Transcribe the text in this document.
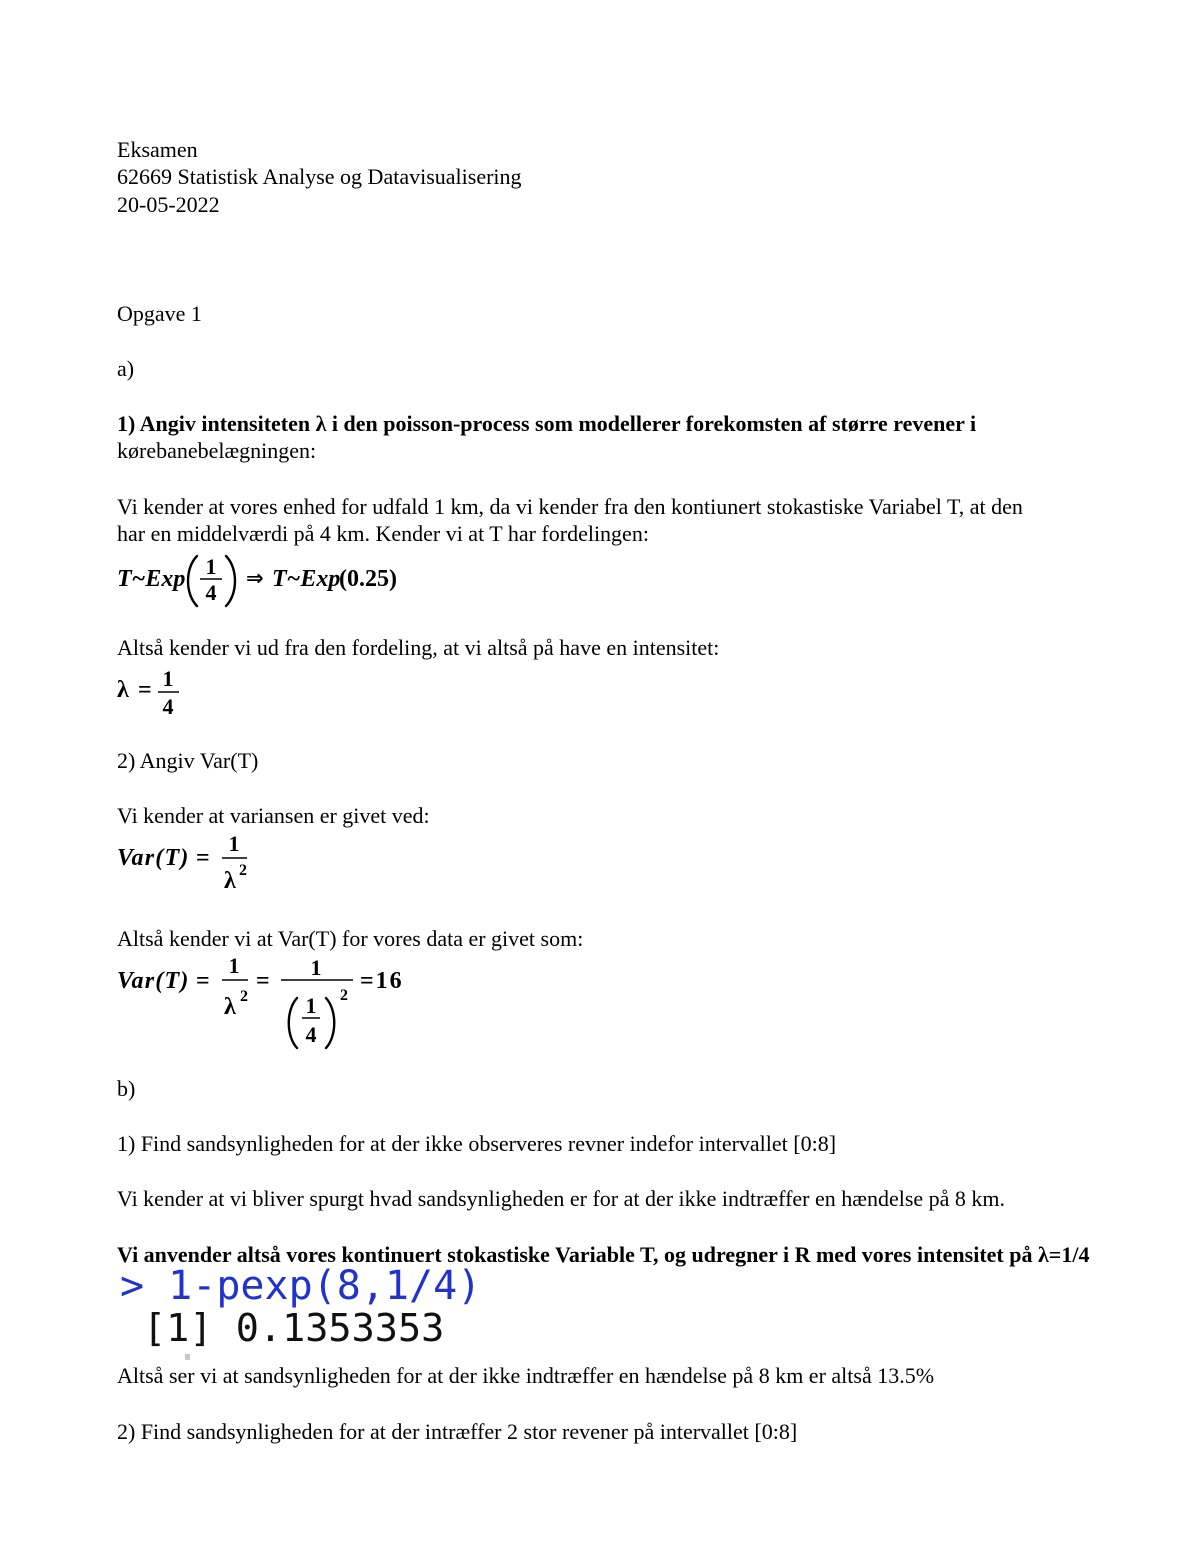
Eksamen
62669 Statistisk Analyse og Datavisualisering
20-05-2022
Opgave 1
a)
1) Angiv intensiteten λ i den poisson-process som modellerer forekomsten af større revener i
kørebanebelægningen:
Vi kender at vores enhed for udfald 1 km, da vi kender fra den kontiunert stokastiske Variabel T, at den
har en middelværdi på 4 km. Kender vi at T har fordelingen:
T~Exp 1
4
⇒ T~Exp
(0.25)
Altså kender vi ud fra den fordeling, at vi altså på have en intensitet:
λ = 1
4
2) Angiv Var(T)
Vi kender at variansen er givet ved:
Var(T) =
1
λ 2
Altså kender vi at Var(T) for vores data er givet som:
Var(T) =
1
λ 2
=
1
1
4
2
=16
b)
1) Find sandsynligheden for at der ikke observeres revner indefor intervallet [0:8]
Vi kender at vi bliver spurgt hvad sandsynligheden er for at der ikke indtræffer en hændelse på 8 km.
Vi anvender altså vores kontinuert stokastiske Variable T, og udregner i R med vores intensitet på λ=1/4
> 1-pexp(8,1/4)
[1] 0.1353353
Altså ser vi at sandsynligheden for at der ikke indtræffer en hændelse på 8 km er altså 13.5%
2) Find sandsynligheden for at der intræffer 2 stor revener på intervallet [0:8]
